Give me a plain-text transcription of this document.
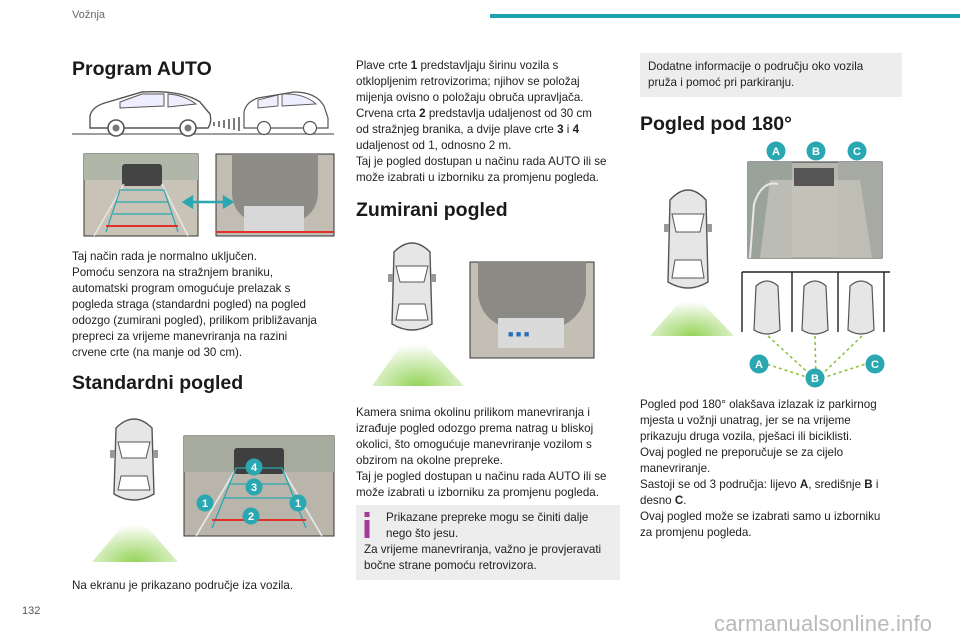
Vožnja
Program AUTO

Taj način rada je normalno uključen.
Pomoću senzora na stražnjem braniku,
automatski program omogućuje prelazak s
pogleda straga (standardni pogled) na pogled
odozgo (zumirani pogled), prilikom približavanja
prepreci za vrijeme manevriranja na razini
crvene crte (na manje od 30 cm).

Standardni pogled
4
3
1	1
2

Na ekranu je prikazano područje iza vozila.

Plave crte 1 predstavljaju širinu vozila s
otklopljenim retrovizorima; njihov se položaj
mijenja ovisno o položaju obruča upravljača.
Crvena crta 2 predstavlja udaljenost od 30 cm
od stražnjeg branika, a dvije plave crte 3 i 4
udaljenost od 1, odnosno 2 m.
Taj je pogled dostupan u načinu rada AUTO ili se
može izabrati u izborniku za promjenu pogleda.

Zumirani pogled
■ ■ ■

Kamera snima okolinu prilikom manevriranja i
izrađuje pogled odozgo prema natrag u bliskoj
okolici, što omogućuje manevriranje vozilom s
obzirom na okolne prepreke.
Taj je pogled dostupan u načinu rada AUTO ili se
može izabrati u izborniku za promjenu pogleda.

Prikazane prepreke mogu se činiti dalje
nego što jesu.
Za vrijeme manevriranja, važno je provjeravati
bočne strane pomoću retrovizora.
Dodatne informacije o području oko vozila
pruža i pomoć pri parkiranju.
Pogled pod 180°
A	B	C
A
B
C

Pogled pod 180° olakšava izlazak iz parkirnog
mjesta u vožnji unatrag, jer se na vrijeme
prikazuju druga vozila, pješaci ili biciklisti.
Ovaj pogled ne preporučuje se za cijelo
manevriranje.
Sastoji se od 3 područja: lijevo A, središnje B i
desno C.
Ovaj pogled može se izabrati samo u izborniku
za promjenu pogleda.

132	carmanualsonline.info
